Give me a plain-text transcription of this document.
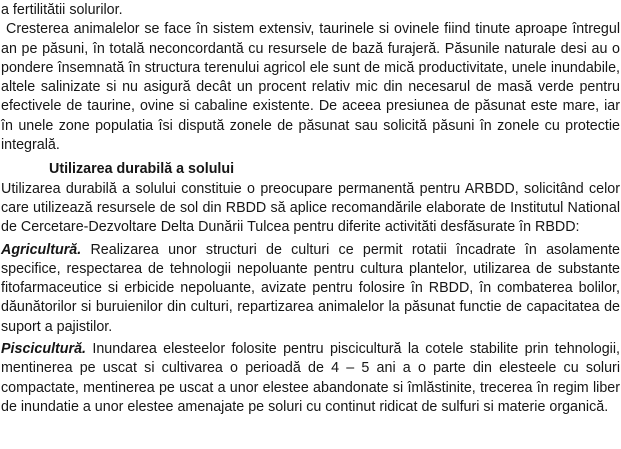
a fertilitătii solurilor.

Cresterea animalelor se face în sistem extensiv, taurinele si ovinele fiind tinute aproape întregul an pe păsuni, în totală neconcordantă cu resursele de bază furajeră. Păsunile naturale desi au o pondere însemnată în structura terenului agricol ele sunt de mică productivitate, unele inundabile, altele salinizate si nu asigură decât un procent relativ mic din necesarul de masă verde pentru efectivele de taurine, ovine si cabaline existente. De aceea presiunea de păsunat este mare, iar în unele zone populatia îsi dispută zonele de păsunat sau solicită păsuni în zonele cu protectie integrală.

Utilizarea durabilă a solului

Utilizarea durabilă a solului constituie o preocupare permanentă pentru ARBDD, solicitând celor care utilizează resursele de sol din RBDD să aplice recomandările elaborate de Institutul National de Cercetare-Dezvoltare Delta Dunării Tulcea pentru diferite activităti desfăsurate în RBDD:

Agricultură. Realizarea unor structuri de culturi ce permit rotatii încadrate în asolamente specifice, respectarea de tehnologii nepoluante pentru cultura plantelor, utilizarea de substante fitofarmaceutice si erbicide nepoluante, avizate pentru folosire în RBDD, în combaterea bolilor, dăunătorilor si buruienilor din culturi, repartizarea animalelor la păsunat functie de capacitatea de suport a pajistilor.

Piscicultură. Inundarea elesteelor folosite pentru piscicultură la cotele stabilite prin tehnologii, mentinerea pe uscat si cultivarea o perioadă de 4 – 5 ani a o parte din elesteele cu soluri compactate, mentinerea pe uscat a unor elestee abandonate si îmlăstinite, trecerea în regim liber de inundatie a unor elestee amenajate pe soluri cu continut ridicat de sulfuri si materie organică.
